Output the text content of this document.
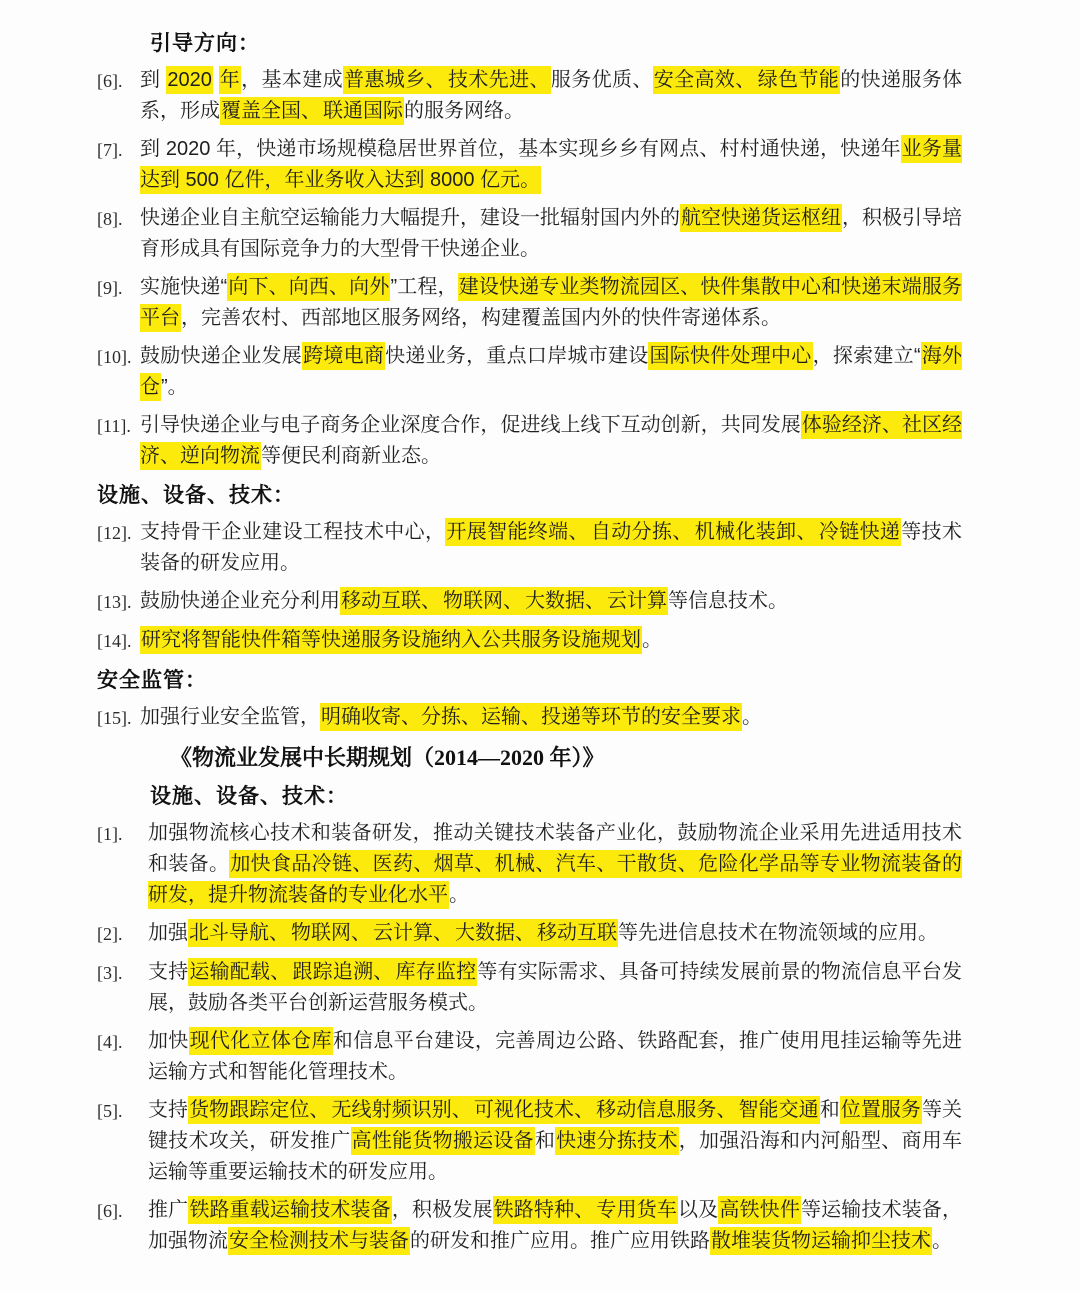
引导方向：
[6]. 到 2020 年，基本建成普惠城乡、 技术先进、服务优质、安全高效、 绿色节能的快递服务体系，形成覆盖全国、 联通国际的服务网络。

[7]. 到 2020 年，快递市场规模稳居世界首位，基本实现乡乡有网点、村村通快递，快递年业务量达到 500 亿件，年业务收入达到 8000 亿元。

[8]. 快递企业自主航空运输能力大幅提升，建设一批辐射国内外的航空快递货运枢纽，积极引导培育形成具有国际竞争力的大型骨干快递企业。

[9]. 实施快递“向下、向西、向外”工程，建设快递专业类物流园区、快件集散中心和快递末端服务平台，完善农村、西部地区服务网络，构建覆盖国内外的快件寄递体系。

[10]. 鼓励快递企业发展跨境电商快递业务，重点口岸城市建设国际快件处理中心，探索建立“海外仓”。

[11]. 引导快递企业与电子商务企业深度合作，促进线上线下互动创新，共同发展体验经济、社区经济、逆向物流等便民利商新业态。

设施、设备、技术：
[12]. 支持骨干企业建设工程技术中心，开展智能终端、 自动分拣、 机械化装卸、 冷链快递等技术装备的研发应用。

[13]. 鼓励快递企业充分利用移动互联、 物联网、 大数据、 云计算等信息技术。

[14]. 研究将智能快件箱等快递服务设施纳入公共服务设施规划。

安全监管：
[15]. 加强行业安全监管，明确收寄、分拣、运输、投递等环节的安全要求。

《物流业发展中长期规划（2014—2020 年）》
设施、设备、技术：
[1].	加强物流核心技术和装备研发，推动关键技术装备产业化，鼓励物流企业采用先进适用技术和装备。加快食品冷链、医药、烟草、机械、汽车、干散货、危险化学品等专业物流装备的研发，提升物流装备的专业化水平。

[2].	加强北斗导航、 物联网、 云计算、 大数据、 移动互联等先进信息技术在物流领域的应用。

[3].	支持运输配载、 跟踪追溯、 库存监控等有实际需求、具备可持续发展前景的物流信息平台发展，鼓励各类平台创新运营服务模式。

[4].	加快现代化立体仓库和信息平台建设，完善周边公路、铁路配套，推广使用甩挂运输等先进运输方式和智能化管理技术。

[5].	支持货物跟踪定位、 无线射频识别、 可视化技术、 移动信息服务、 智能交通和位置服务等关键技术攻关，研发推广高性能货物搬运设备和快速分拣技术，加强沿海和内河船型、商用车运输等重要运输技术的研发应用。

[6].	推广铁路重载运输技术装备，积极发展铁路特种、 专用货车以及高铁快件等运输技术装备，加强物流安全检测技术与装备的研发和推广应用。推广应用铁路散堆装货物运输抑尘技术。
